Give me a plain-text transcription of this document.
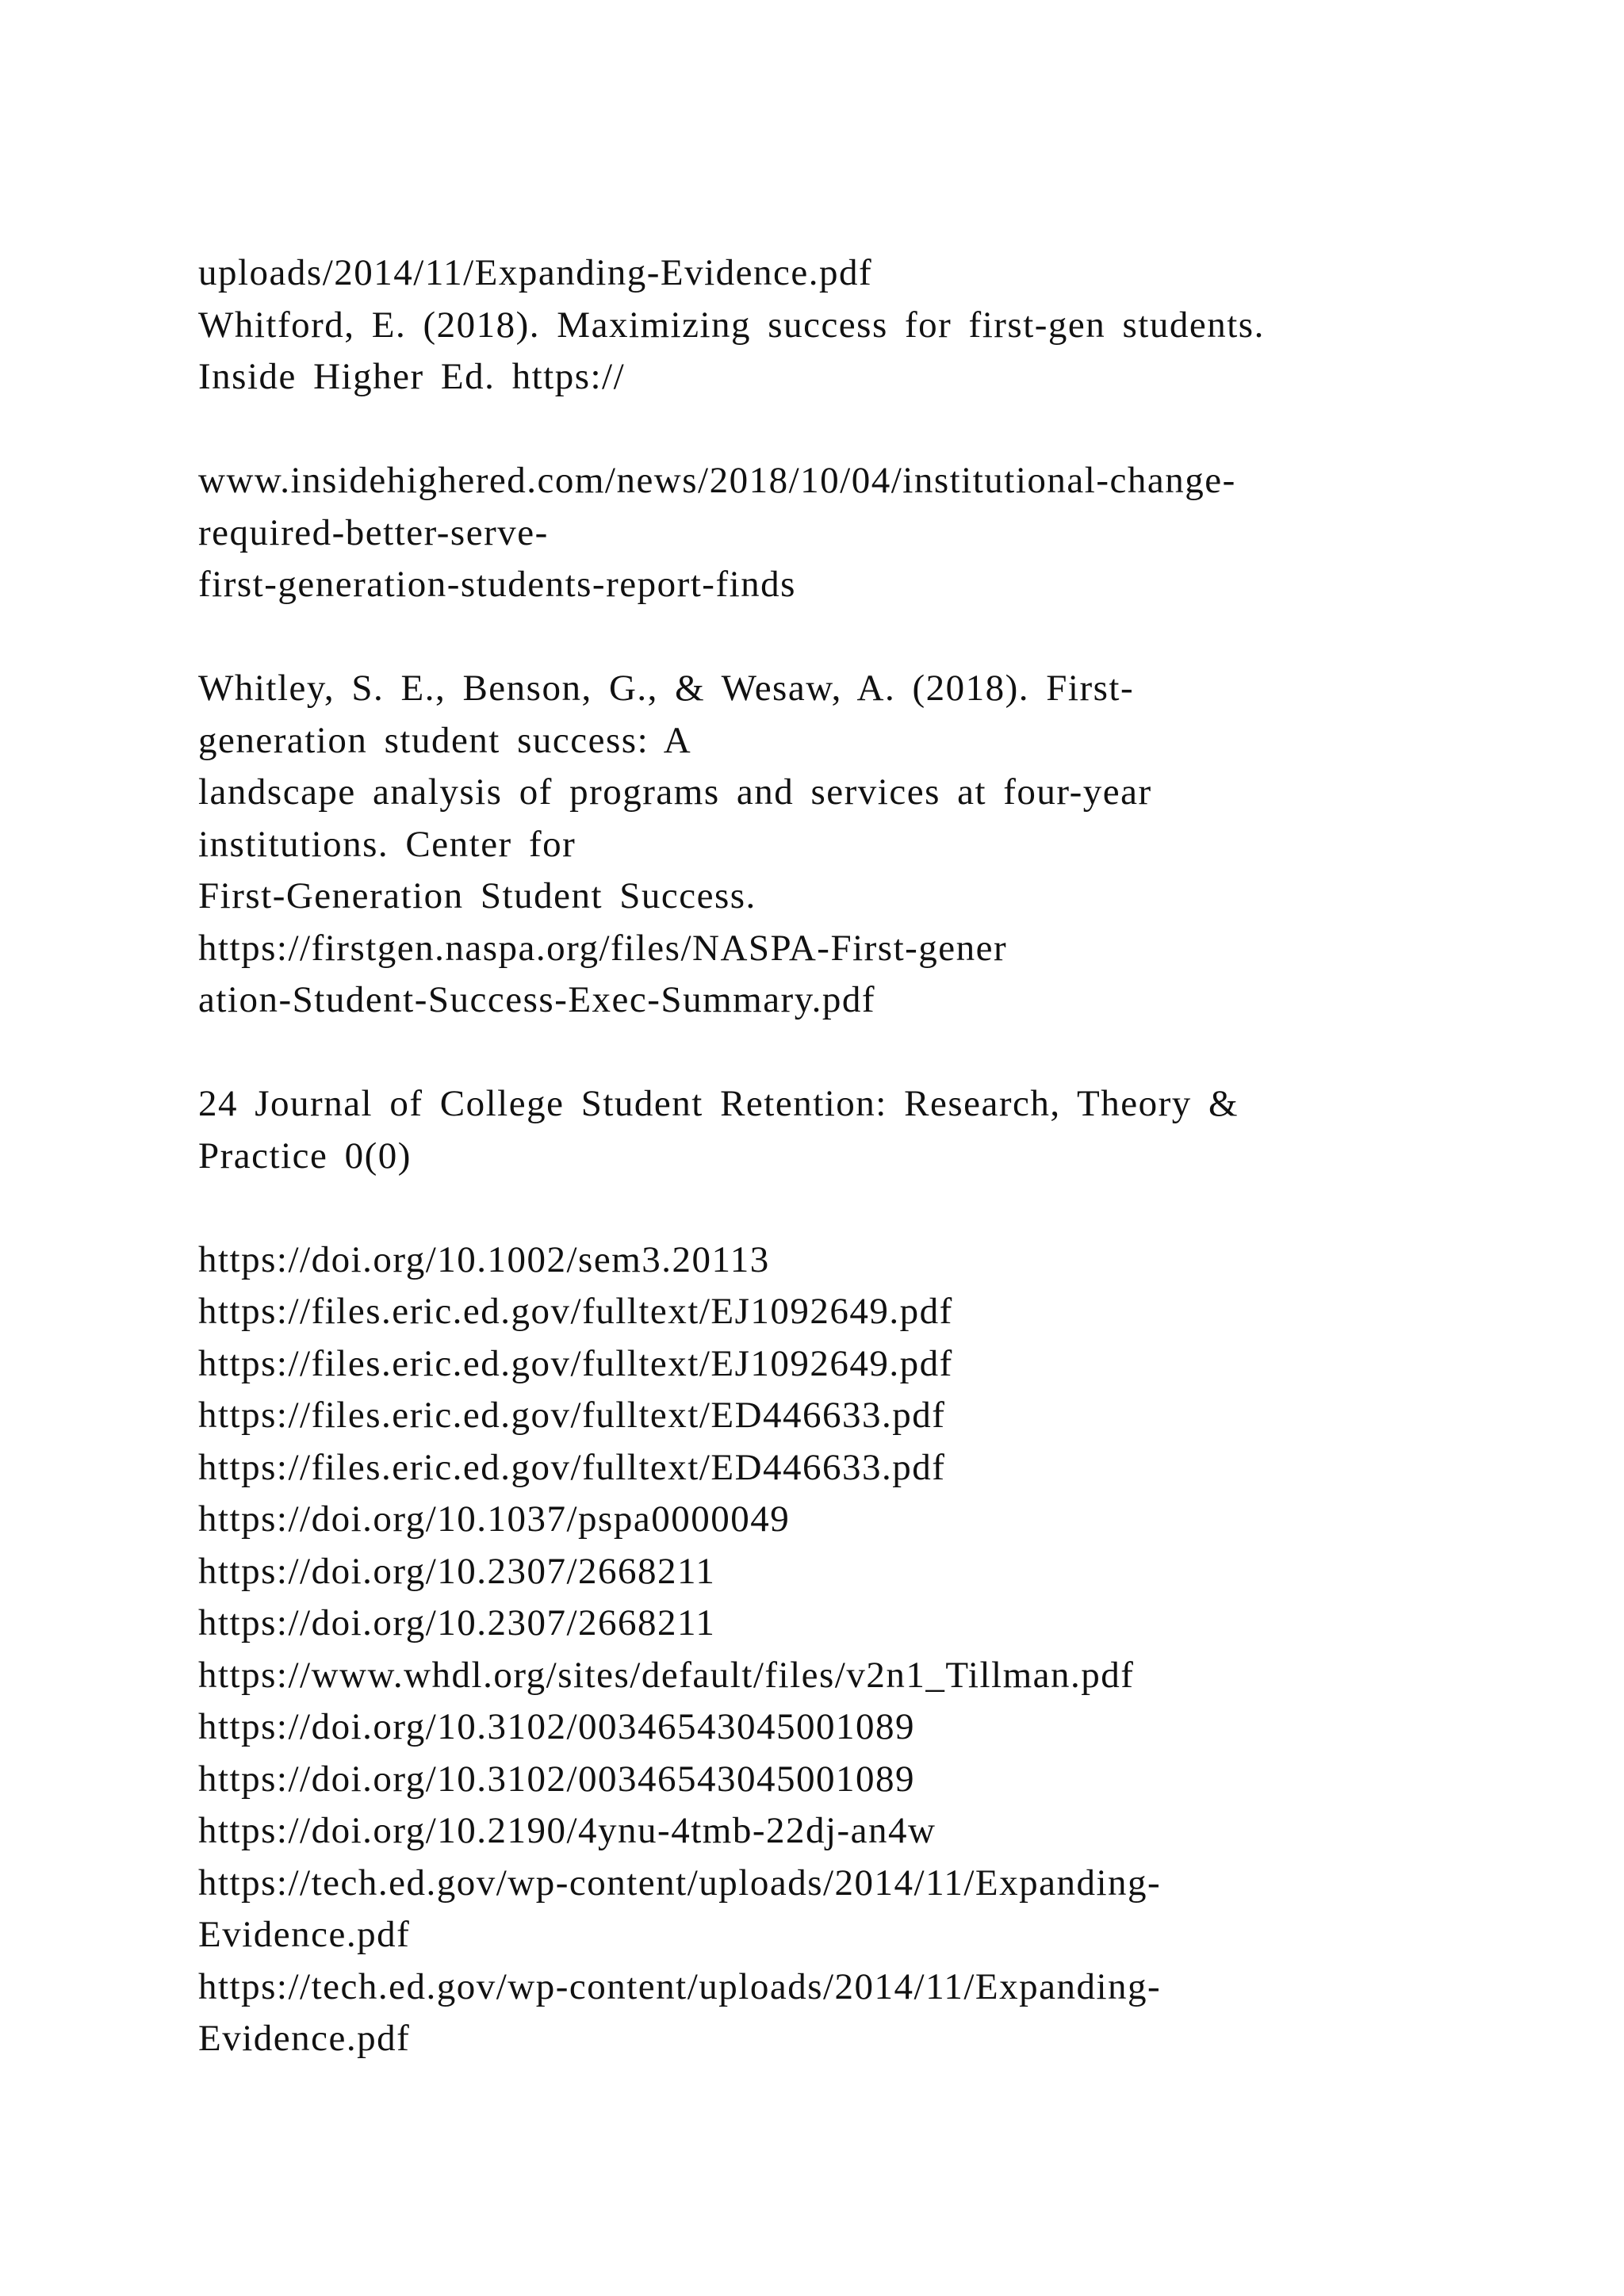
uploads/2014/11/Expanding-Evidence.pdf
Whitford, E. (2018). Maximizing success for first-gen students.
Inside Higher Ed. https://
www.insidehighered.com/news/2018/10/04/institutional-change-
required-better-serve-
first-generation-students-report-finds
Whitley, S. E., Benson, G., & Wesaw, A. (2018). First-
generation student success: A
landscape analysis of programs and services at four-year
institutions. Center for
First-Generation Student Success.
https://firstgen.naspa.org/files/NASPA-First-gener
ation-Student-Success-Exec-Summary.pdf
24 Journal of College Student Retention: Research, Theory &
Practice 0(0)
https://doi.org/10.1002/sem3.20113
https://files.eric.ed.gov/fulltext/EJ1092649.pdf
https://files.eric.ed.gov/fulltext/EJ1092649.pdf
https://files.eric.ed.gov/fulltext/ED446633.pdf
https://files.eric.ed.gov/fulltext/ED446633.pdf
https://doi.org/10.1037/pspa0000049
https://doi.org/10.2307/2668211
https://doi.org/10.2307/2668211
https://www.whdl.org/sites/default/files/v2n1_Tillman.pdf
https://doi.org/10.3102/00346543045001089
https://doi.org/10.3102/00346543045001089
https://doi.org/10.2190/4ynu-4tmb-22dj-an4w
https://tech.ed.gov/wp-content/uploads/2014/11/Expanding-
Evidence.pdf
https://tech.ed.gov/wp-content/uploads/2014/11/Expanding-
Evidence.pdf
